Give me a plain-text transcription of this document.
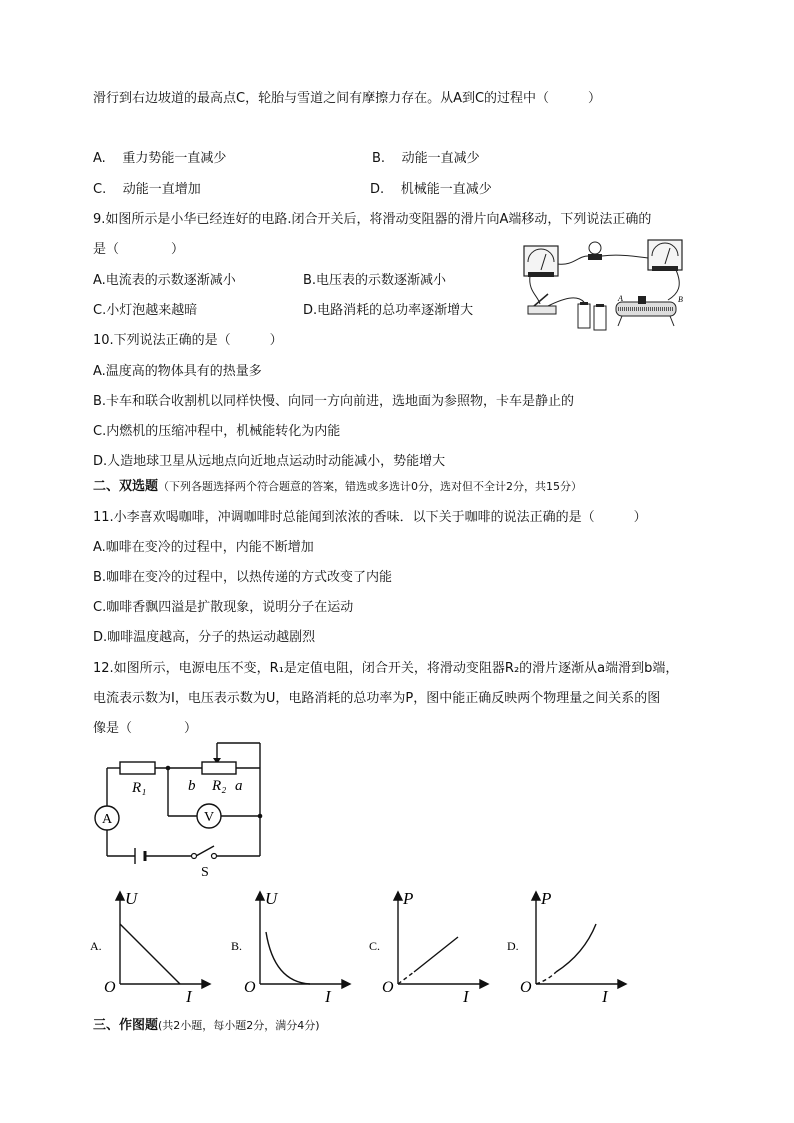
滑行到右边坡道的最高点C，轮胎与雪道之间有摩擦力存在。从A到C的过程中（　　　）
A. 重力势能一直减少	B. 动能一直减少
C. 动能一直增加	D. 机械能一直减少
9.如图所示是小华已经连好的电路.闭合开关后，将滑动变阻器的滑片向A端移动，下列说法正确的
是（　　　　）
A.电流表的示数逐渐减小	B.电压表的示数逐渐减小
C.小灯泡越来越暗	D.电路消耗的总功率逐渐增大
A	B
10.下列说法正确的是（　　　）
A.温度高的物体具有的热量多
B.卡车和联合收割机以同样快慢、向同一方向前进，选地面为参照物，卡车是静止的
C.内燃机的压缩冲程中，机械能转化为内能
D.人造地球卫星从远地点向近地点运动时动能减小，势能增大
二、双选题（下列各题选择两个符合题意的答案，错选或多选计0分，选对但不全计2分，共15分）
11.小李喜欢喝咖啡，冲调咖啡时总能闻到浓浓的香味．以下关于咖啡的说法正确的是（　　　）
A.咖啡在变冷的过程中，内能不断增加
B.咖啡在变冷的过程中，以热传递的方式改变了内能
C.咖啡香飘四溢是扩散现象，说明分子在运动
D.咖啡温度越高，分子的热运动越剧烈
12.如图所示，电源电压不变，R₁是定值电阻，闭合开关，将滑动变阻器R₂的滑片逐渐从a端滑到b端，
电流表示数为I，电压表示数为U，电路消耗的总功率为P，图中能正确反映两个物理量之间关系的图
像是（　　　　）
A	V
R₁	b R₂ a
S
A.	B.	C.	D.
U
I
O
U
I
O
P
I
O
P
I
O
三、作图题(共2小题，每小题2分，满分4分)
